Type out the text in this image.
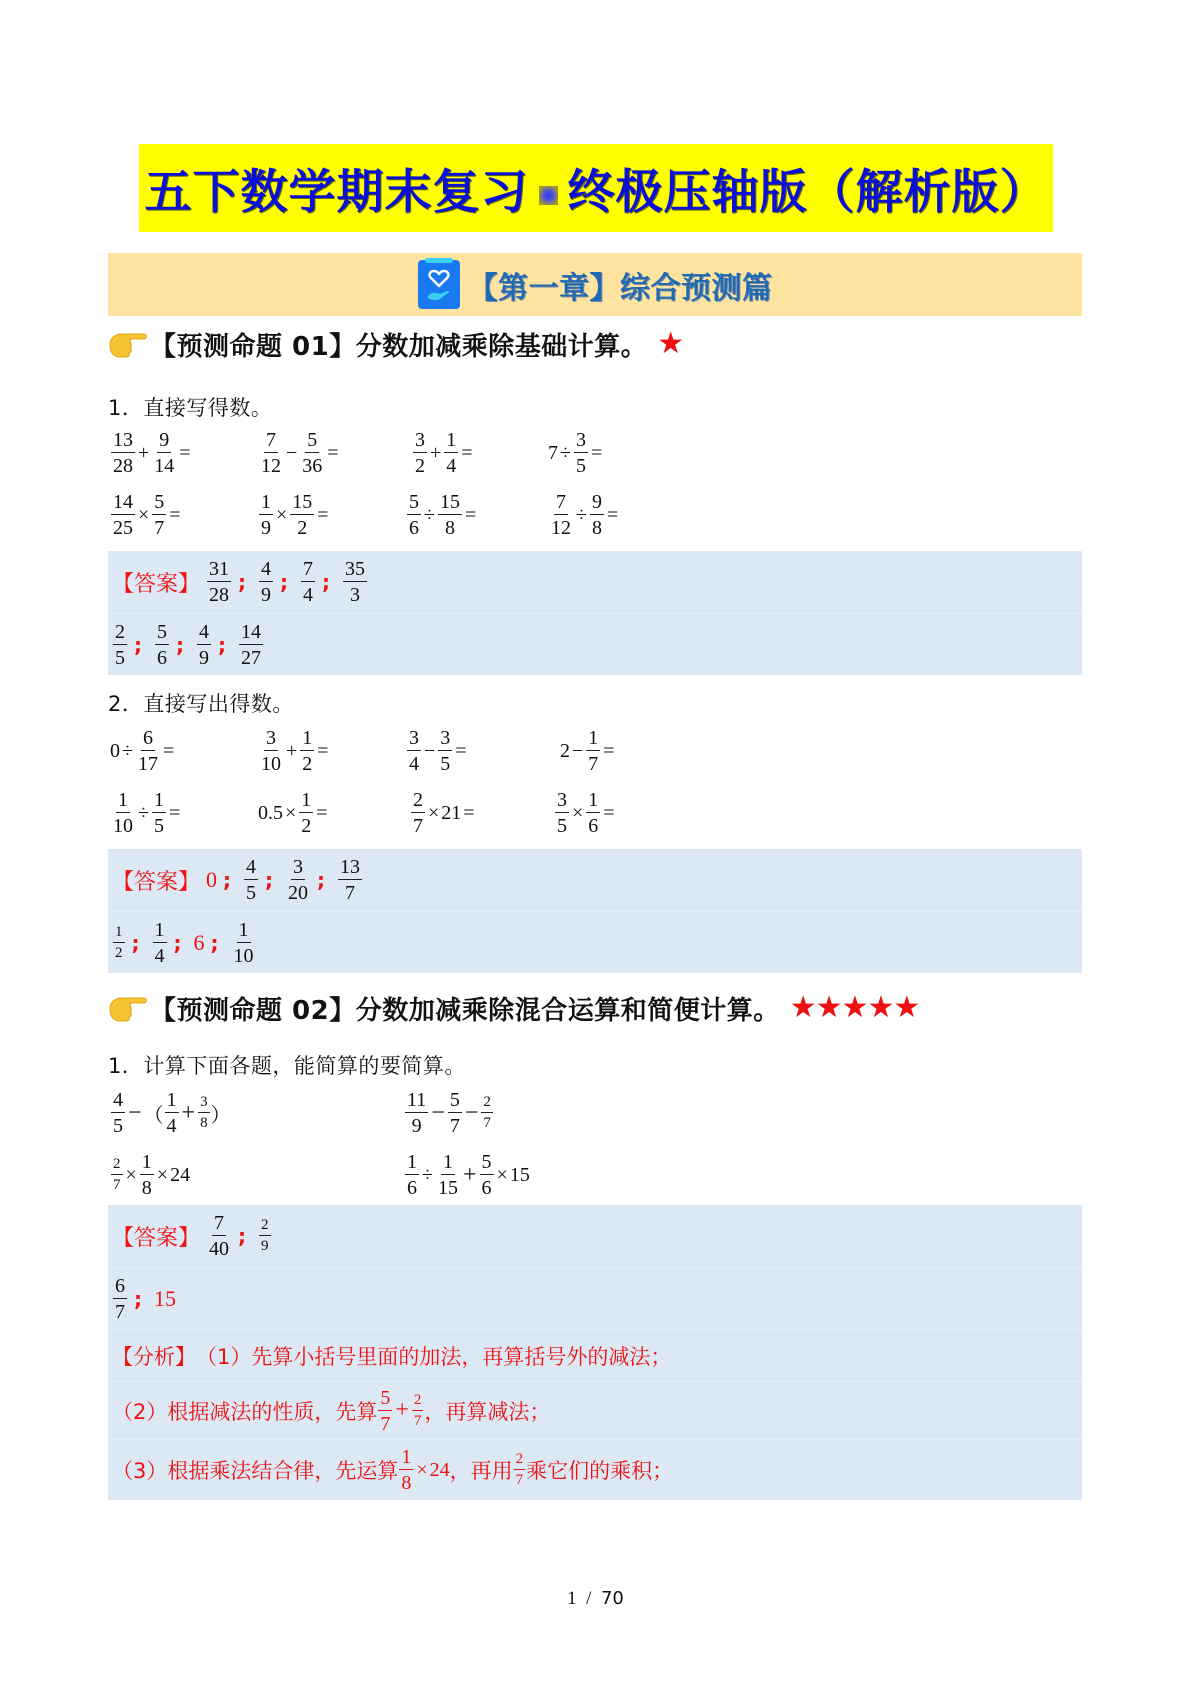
五下数学期末复习 终极压轴版（解析版）
【第一章】综合预测篇
【预测命题 01】分数加减乘除基础计算。 ★
1．直接写得数。
$\frac{13}{28} + \frac{9}{14}$ =	$\frac{7}{12} - \frac{5}{36}$ =	$\frac{3}{2} + \frac{1}{4}$ =	$7 \div \frac{3}{5}$ =
$\frac{14}{25} \times \frac{5}{7}$ =	$\frac{1}{9} \times \frac{15}{2}$ =	$\frac{5}{6} \div \frac{15}{8}$ =	$\frac{7}{12} \div \frac{9}{8}$ =
【答案】 $\frac{31}{28}$ ; $\frac{4}{9}$ ; $\frac{7}{4}$ ; $\frac{35}{3}$
$\frac{2}{5}$ ; $\frac{5}{6}$ ; $\frac{4}{9}$ ; $\frac{14}{27}$
2．直接写出得数。
$0 \div \frac{6}{17}$ =	$\frac{3}{10} + \frac{1}{2}$ =	$\frac{3}{4} - \frac{3}{5}$ =	$2 - \frac{1}{7}$ =
$\frac{1}{10} \div \frac{1}{5}$ =	$0.5 \times \frac{1}{2}$ =	$\frac{2}{7} \times 21$ =	$\frac{3}{5} \times \frac{1}{6}$ =
【答案】 0 ; $\frac{4}{5}$ ; $\frac{3}{20}$ ; $\frac{13}{7}$
$\frac{1}{2}$ ; $\frac{1}{4}$ ; 6 ; $\frac{1}{10}$
【预测命题 02】分数加减乘除混合运算和简便计算。 ★ ★ ★ ★ ★
1．计算下面各题，能简算的要简算。
$\frac{4}{5}$ − （ $\frac{1}{4} + \frac{3}{8}$ ）	$\frac{11}{9} - \frac{5}{7} - \frac{2}{7}$
$\frac{2}{7} \times \frac{1}{8} \times 24$	$\frac{1}{6} \div \frac{1}{15} + \frac{5}{6} \times 15$
【答案】 $\frac{7}{40}$ ; $\frac{2}{9}$
$\frac{6}{7}$ ; 15
【分析】 （1）先算小括号里面的加法，再算括号外的减法；
（2）根据减法的性质，先算 $\frac{5}{7} + \frac{2}{7}$ ，再算减法；
（3）根据乘法结合律，先运算 $\frac{1}{8} \times 24$ ，再用 $\frac{2}{7}$ 乘它们的乘积；
1 / 70
